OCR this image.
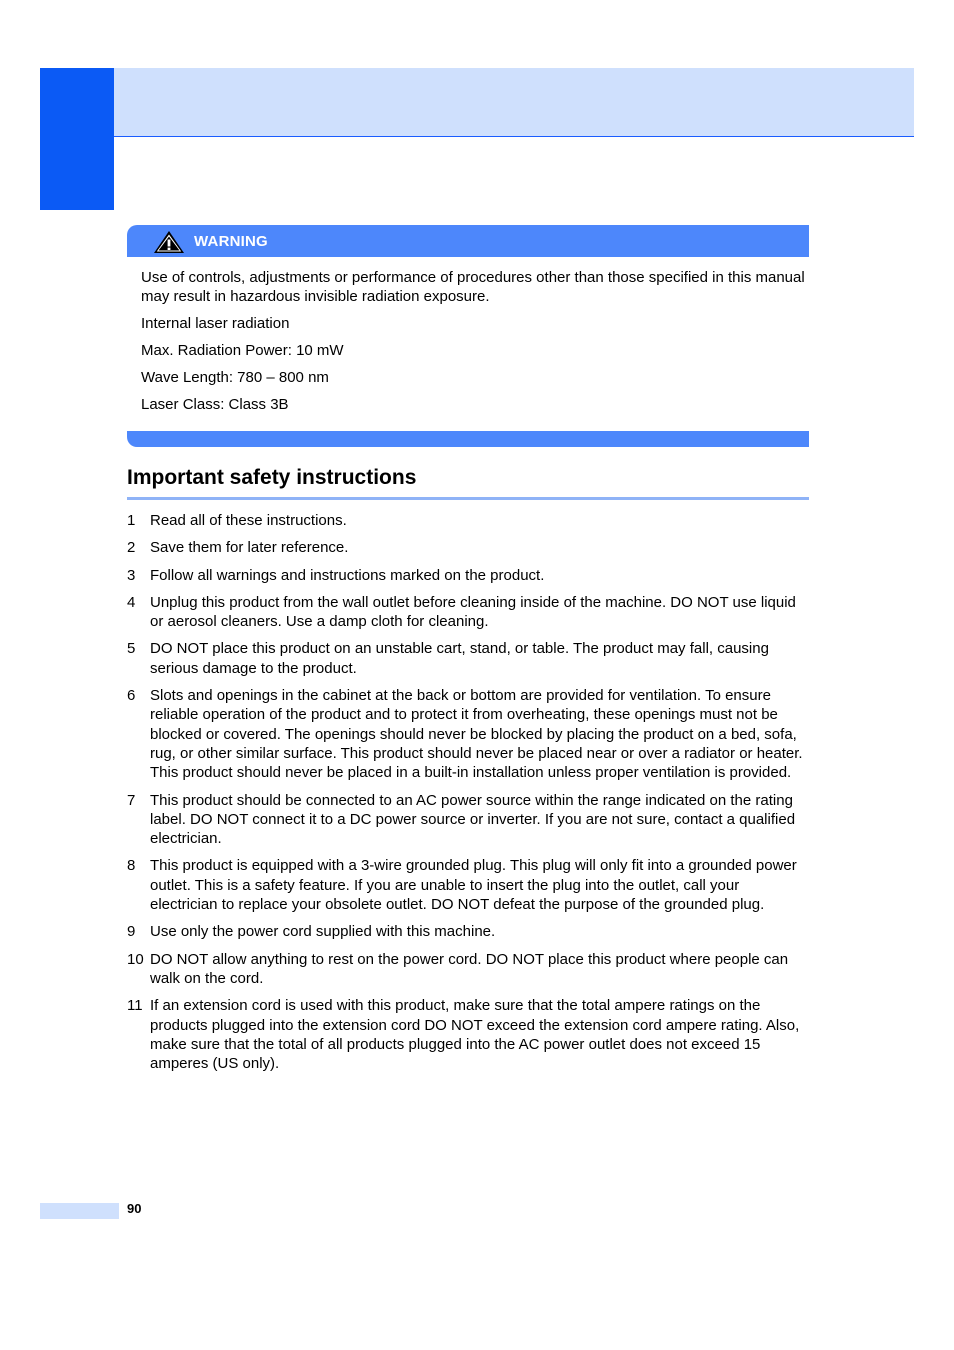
WARNING

Use of controls, adjustments or performance of procedures other than those specified in this manual may result in hazardous invisible radiation exposure.

Internal laser radiation

Max. Radiation Power: 10 mW

Wave Length: 780 – 800 nm

Laser Class: Class 3B

Important safety instructions
1 Read all of these instructions.
2 Save them for later reference.
3 Follow all warnings and instructions marked on the product.
4 Unplug this product from the wall outlet before cleaning inside of the machine. DO NOT use liquid or aerosol cleaners. Use a damp cloth for cleaning.
5 DO NOT place this product on an unstable cart, stand, or table. The product may fall, causing serious damage to the product.
6 Slots and openings in the cabinet at the back or bottom are provided for ventilation. To ensure reliable operation of the product and to protect it from overheating, these openings must not be blocked or covered. The openings should never be blocked by placing the product on a bed, sofa, rug, or other similar surface. This product should never be placed near or over a radiator or heater. This product should never be placed in a built-in installation unless proper ventilation is provided.
7 This product should be connected to an AC power source within the range indicated on the rating label. DO NOT connect it to a DC power source or inverter. If you are not sure, contact a qualified electrician.
8 This product is equipped with a 3-wire grounded plug. This plug will only fit into a grounded power outlet. This is a safety feature. If you are unable to insert the plug into the outlet, call your electrician to replace your obsolete outlet. DO NOT defeat the purpose of the grounded plug.
9 Use only the power cord supplied with this machine.
10 DO NOT allow anything to rest on the power cord. DO NOT place this product where people can walk on the cord.
11 If an extension cord is used with this product, make sure that the total ampere ratings on the products plugged into the extension cord DO NOT exceed the extension cord ampere rating. Also, make sure that the total of all products plugged into the AC power outlet does not exceed 15 amperes (US only).
90
